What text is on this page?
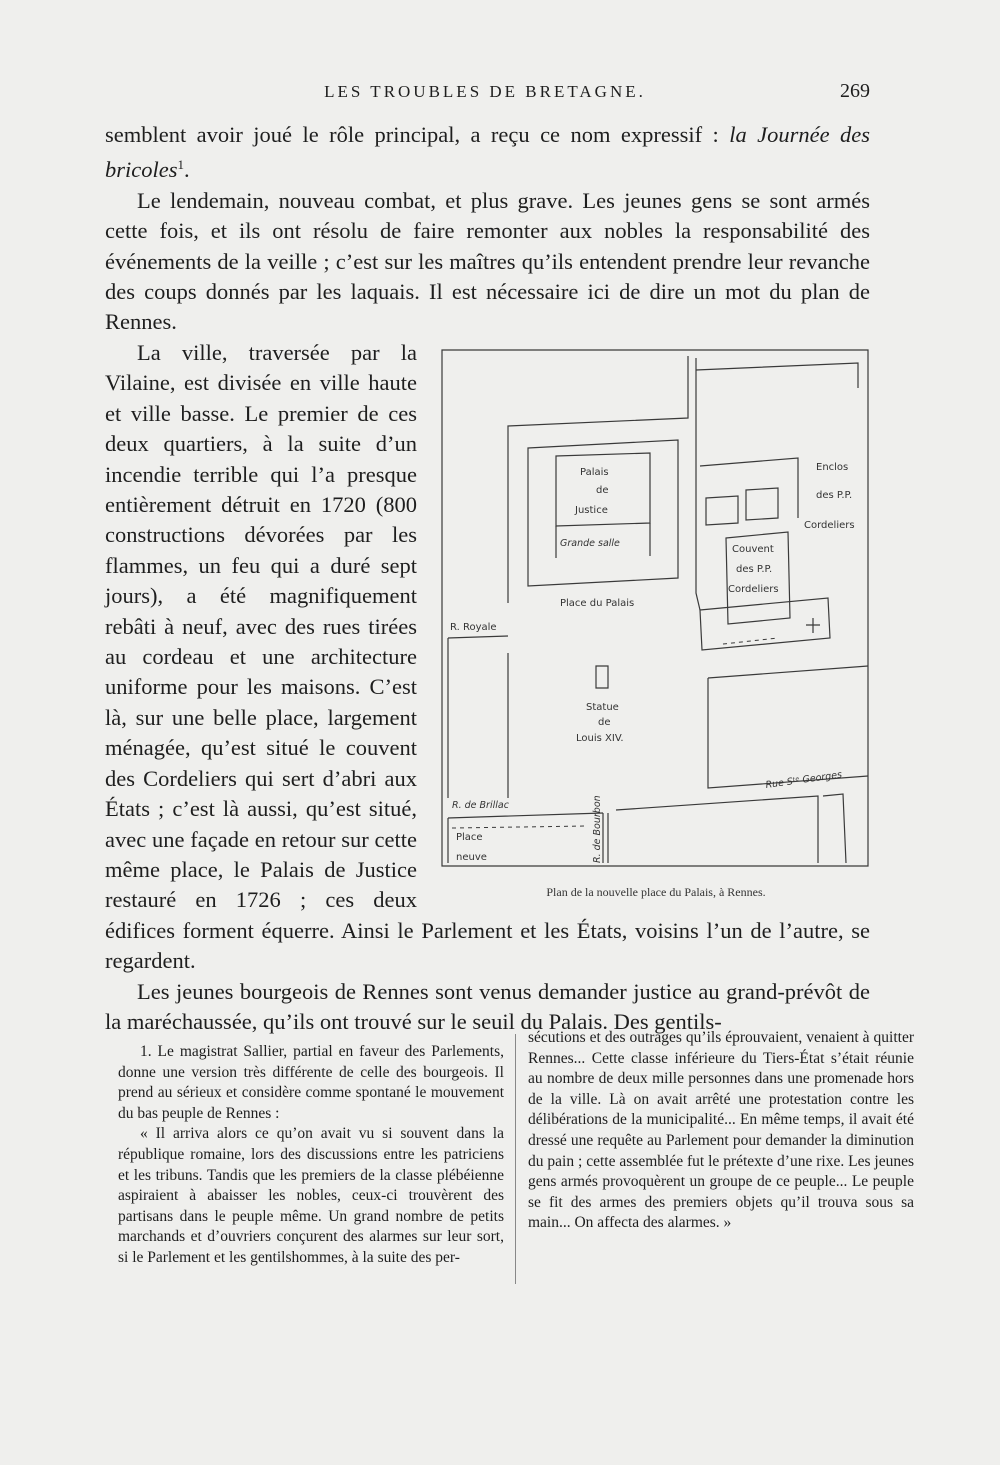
LES TROUBLES DE BRETAGNE.	269

semblent avoir joué le rôle principal, a reçu ce nom expressif : la Journée des bricoles$^1$.

Le lendemain, nouveau combat, et plus grave. Les jeunes gens se sont armés cette fois, et ils ont résolu de faire remonter aux nobles la responsabilité des événements de la veille ; c’est sur les maîtres qu’ils entendent prendre leur revanche des coups donnés par les laquais. Il est nécessaire ici de dire un mot du plan de Rennes.

La ville, traversée par la Vilaine, est divisée en ville haute et ville basse. Le premier de ces deux quartiers, à la suite d’un incendie terrible qui l’a presque entièrement détruit en 1720 (800 constructions dévorées par les flammes, un feu qui a duré sept jours), a été magnifiquement rebâti à neuf, avec des rues tirées au cordeau et une architecture uniforme pour les maisons. C’est là, sur une belle place, largement ménagée, qu’est situé le couvent des Cordeliers qui sert d’abri aux États ; c’est là aussi, qu’est situé, avec une façade en retour sur cette même place, le Palais de Justice restauré en 1726 ; ces deux édifices forment équerre. Ainsi le Parlement et les États, voisins l’un de l’autre, se regardent.

Les jeunes bourgeois de Rennes sont venus demander justice au grand-prévôt de la maréchaussée, qu’ils ont trouvé sur le seuil du Palais. Des gentils-

Palais
de
Justice
Grande salle
Enclos
des P.P.
Cordeliers
Couvent
des P.P.
Cordeliers
Place du Palais
R. Royale
Statue
de
Louis XIV.
Rue Sᵗᵉ Georges
R. de Brillac
Place
neuve	R. de Bourbon
Plan de la nouvelle place du Palais, à Rennes.

1. Le magistrat Sallier, partial en faveur des Parlements, donne une version très différente de celle des bourgeois. Il prend au sérieux et considère comme spontané le mouvement du bas peuple de Rennes :

« Il arriva alors ce qu’on avait vu si souvent dans la république romaine, lors des discussions entre les patriciens et les tribuns. Tandis que les premiers de la classe plébéienne aspiraient à abaisser les nobles, ceux-ci trouvèrent des partisans dans le peuple même. Un grand nombre de petits marchands et d’ouvriers conçurent des alarmes sur leur sort, si le Parlement et les gentilshommes, à la suite des per-

sécutions et des outrages qu’ils éprouvaient, venaient à quitter Rennes... Cette classe inférieure du Tiers-État s’était réunie au nombre de deux mille personnes dans une promenade hors de la ville. Là on avait arrêté une protestation contre les délibérations de la municipalité... En même temps, il avait été dressé une requête au Parlement pour demander la diminution du pain ; cette assemblée fut le prétexte d’une rixe. Les jeunes gens armés provoquèrent un groupe de ce peuple... Le peuple se fit des armes des premiers objets qu’il trouva sous sa main... On affecta des alarmes. »
